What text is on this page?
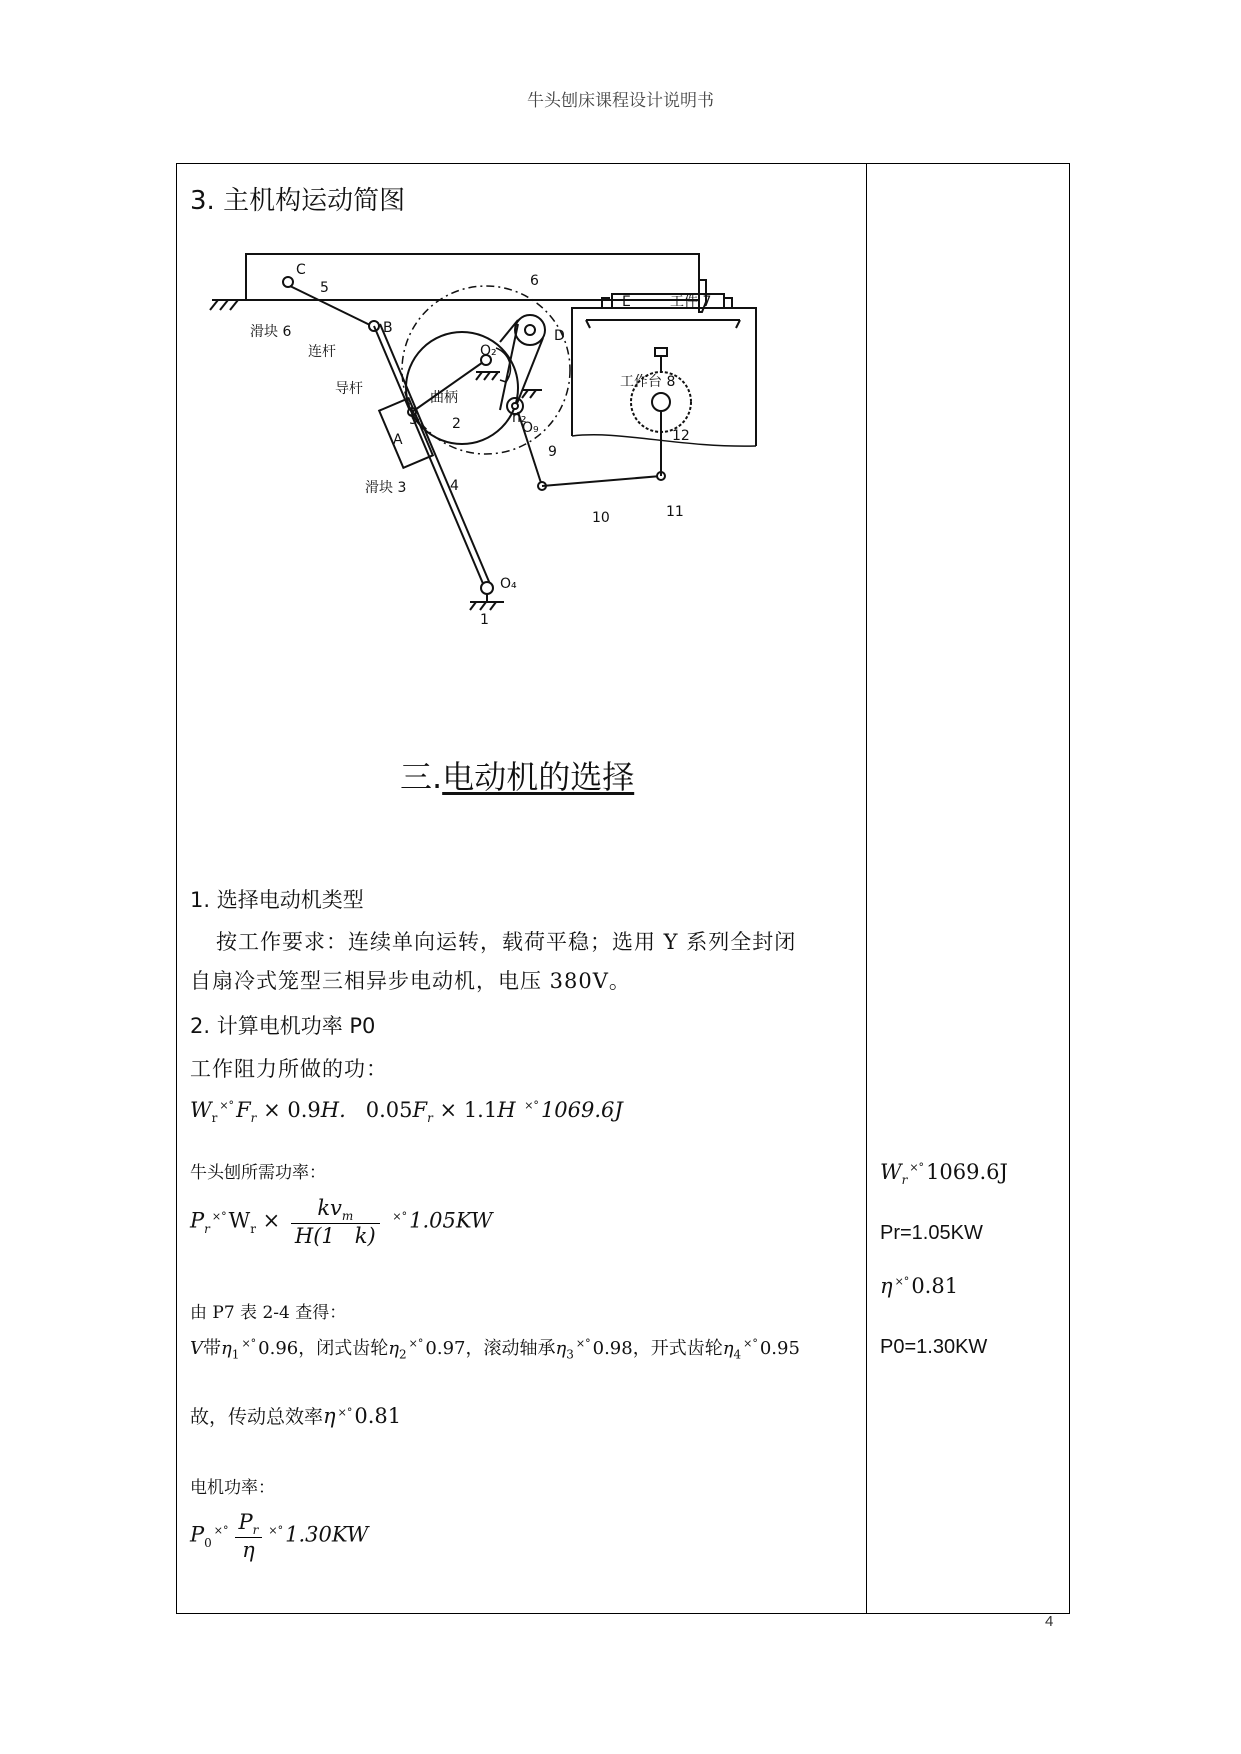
牛头刨床课程设计说明书
3. 主机构运动简图
C
5	6
滑块 6
连杆
B
导杆
曲柄
O₂
n₂
2
3
A
滑块 3	4
D
O₉
9
E	工件 7
工作台 8
12
10	11
O₄
1
三.电动机的选择
1. 选择电动机类型
按工作要求：连续单向运转，载荷平稳；选用 Y 系列全封闭
自扇冷式笼型三相异步电动机，电压 380V。
2. 计算电机功率 P0
工作阻力所做的功：
$W_r^{\times^\circ}F_r \times 0.9H$.   $0.05F_r \times 1.1H$ ×°1069.6J
牛头刨所需功率：
$P_r^{\times^\circ}W_r \times \frac{kv_m}{H(1 k)} ^{\times^\circ}1.05KW$
由 P7 表 2-4 查得：
V带$\eta_1^{\times^\circ}$ 0.96，闭式齿轮$\eta_2^{\times^\circ}$ 0.97，滚动轴承$\eta_3^{\times^\circ}$ 0.98，开式齿轮$\eta_4^{\times^\circ}$ 0.95
故，传动总效率η ×°0.81
电机功率：
$P_0^{\times^\circ} \frac{P_r}{\eta} ^{\times^\circ}1.30KW$
$W_r^{\times^\circ}1069.6J$
Pr=1.05KW
η ×°0.81
P0=1.30KW
4
